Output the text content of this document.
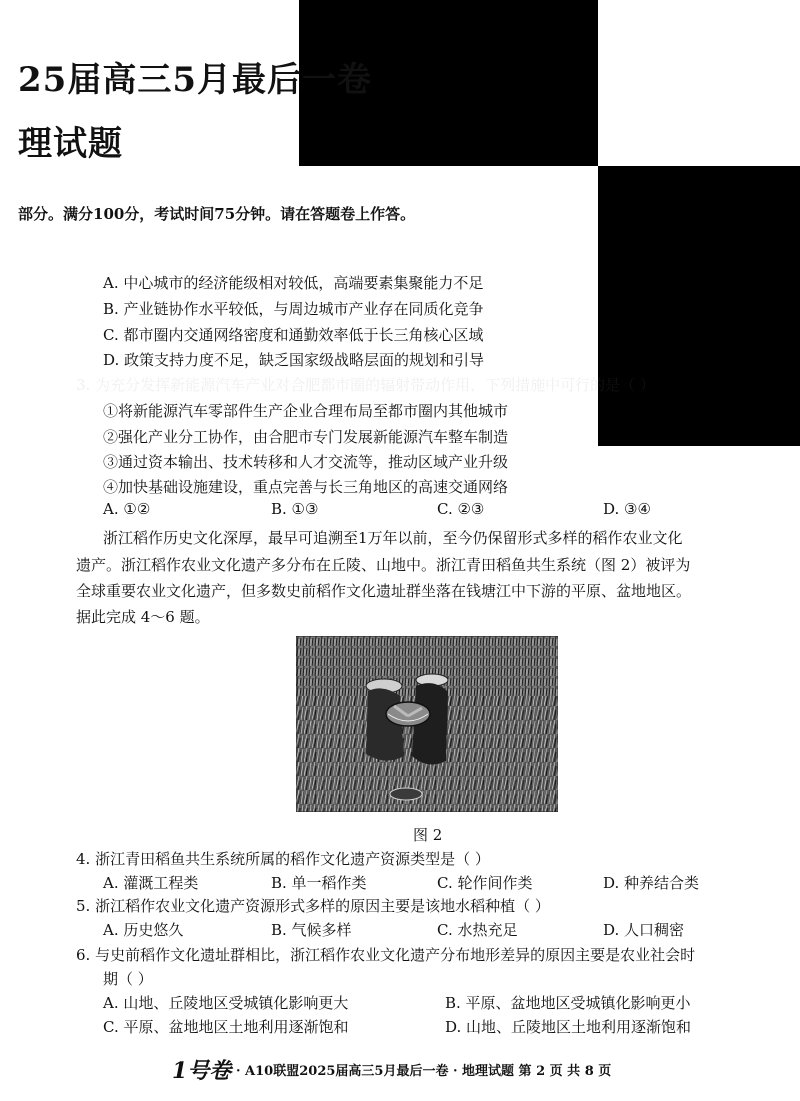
25届高三5月最后一卷
理试题
部分。满分100分，考试时间75分钟。请在答题卷上作答。
A. 中心城市的经济能级相对较低，高端要素集聚能力不足
B. 产业链协作水平较低，与周边城市产业存在同质化竞争
C. 都市圈内交通网络密度和通勤效率低于长三角核心区域
D. 政策支持力度不足，缺乏国家级战略层面的规划和引导
3. 为充分发挥新能源汽车产业对合肥都市圈的辐射带动作用，下列措施中可行的是（ ）
①将新能源汽车零部件生产企业合理布局至都市圈内其他城市
②强化产业分工协作，由合肥市专门发展新能源汽车整车制造
③通过资本输出、技术转移和人才交流等，推动区域产业升级
④加快基础设施建设，重点完善与长三角地区的高速交通网络
A. ①②	B. ①③	C. ②③	D. ③④
浙江稻作历史文化深厚，最早可追溯至1万年以前，至今仍保留形式多样的稻作农业文化
遗产。浙江稻作农业文化遗产多分布在丘陵、山地中。浙江青田稻鱼共生系统（图 2）被评为
全球重要农业文化遗产，但多数史前稻作文化遗址群坐落在钱塘江中下游的平原、盆地地区。
据此完成 4～6 题。
图 2
4. 浙江青田稻鱼共生系统所属的稻作文化遗产资源类型是（ ）
A. 灌溉工程类	B. 单一稻作类	C. 轮作间作类	D. 种养结合类
5. 浙江稻作农业文化遗产资源形式多样的原因主要是该地水稻种植（ ）
A. 历史悠久	B. 气候多样	C. 水热充足	D. 人口稠密
6. 与史前稻作文化遗址群相比，浙江稻作农业文化遗产分布地形差异的原因主要是农业社会时
期（ ）
A. 山地、丘陵地区受城镇化影响更大	B. 平原、盆地地区受城镇化影响更小
C. 平原、盆地地区土地利用逐渐饱和	D. 山地、丘陵地区土地利用逐渐饱和
1号卷 · A10联盟2025届高三5月最后一卷 · 地理试题 第 2 页 共 8 页
